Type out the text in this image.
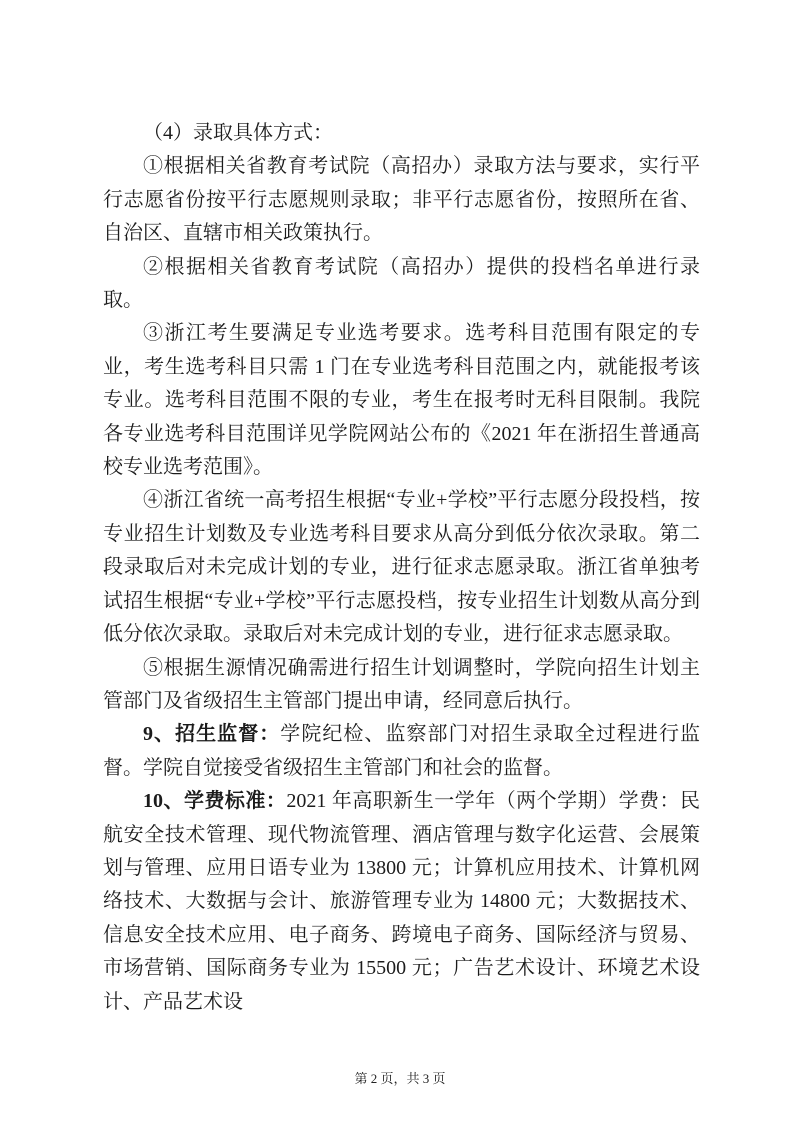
（4）录取具体方式：

①根据相关省教育考试院（高招办）录取方法与要求，实行平行志愿省份按平行志愿规则录取；非平行志愿省份，按照所在省、自治区、直辖市相关政策执行。

②根据相关省教育考试院（高招办）提供的投档名单进行录取。

③浙江考生要满足专业选考要求。选考科目范围有限定的专业，考生选考科目只需 1 门在专业选考科目范围之内，就能报考该专业。选考科目范围不限的专业，考生在报考时无科目限制。我院各专业选考科目范围详见学院网站公布的《2021 年在浙招生普通高校专业选考范围》。

④浙江省统一高考招生根据“专业+学校”平行志愿分段投档，按专业招生计划数及专业选考科目要求从高分到低分依次录取。第二段录取后对未完成计划的专业，进行征求志愿录取。浙江省单独考试招生根据“专业+学校”平行志愿投档，按专业招生计划数从高分到低分依次录取。录取后对未完成计划的专业，进行征求志愿录取。

⑤根据生源情况确需进行招生计划调整时，学院向招生计划主管部门及省级招生主管部门提出申请，经同意后执行。

9、招生监督：学院纪检、监察部门对招生录取全过程进行监督。学院自觉接受省级招生主管部门和社会的监督。

10、学费标准：2021 年高职新生一学年（两个学期）学费：民航安全技术管理、现代物流管理、酒店管理与数字化运营、会展策划与管理、应用日语专业为 13800 元；计算机应用技术、计算机网络技术、大数据与会计、旅游管理专业为 14800 元；大数据技术、信息安全技术应用、电子商务、跨境电子商务、国际经济与贸易、市场营销、国际商务专业为 15500 元；广告艺术设计、环境艺术设计、产品艺术设

第 2 页，共 3 页
